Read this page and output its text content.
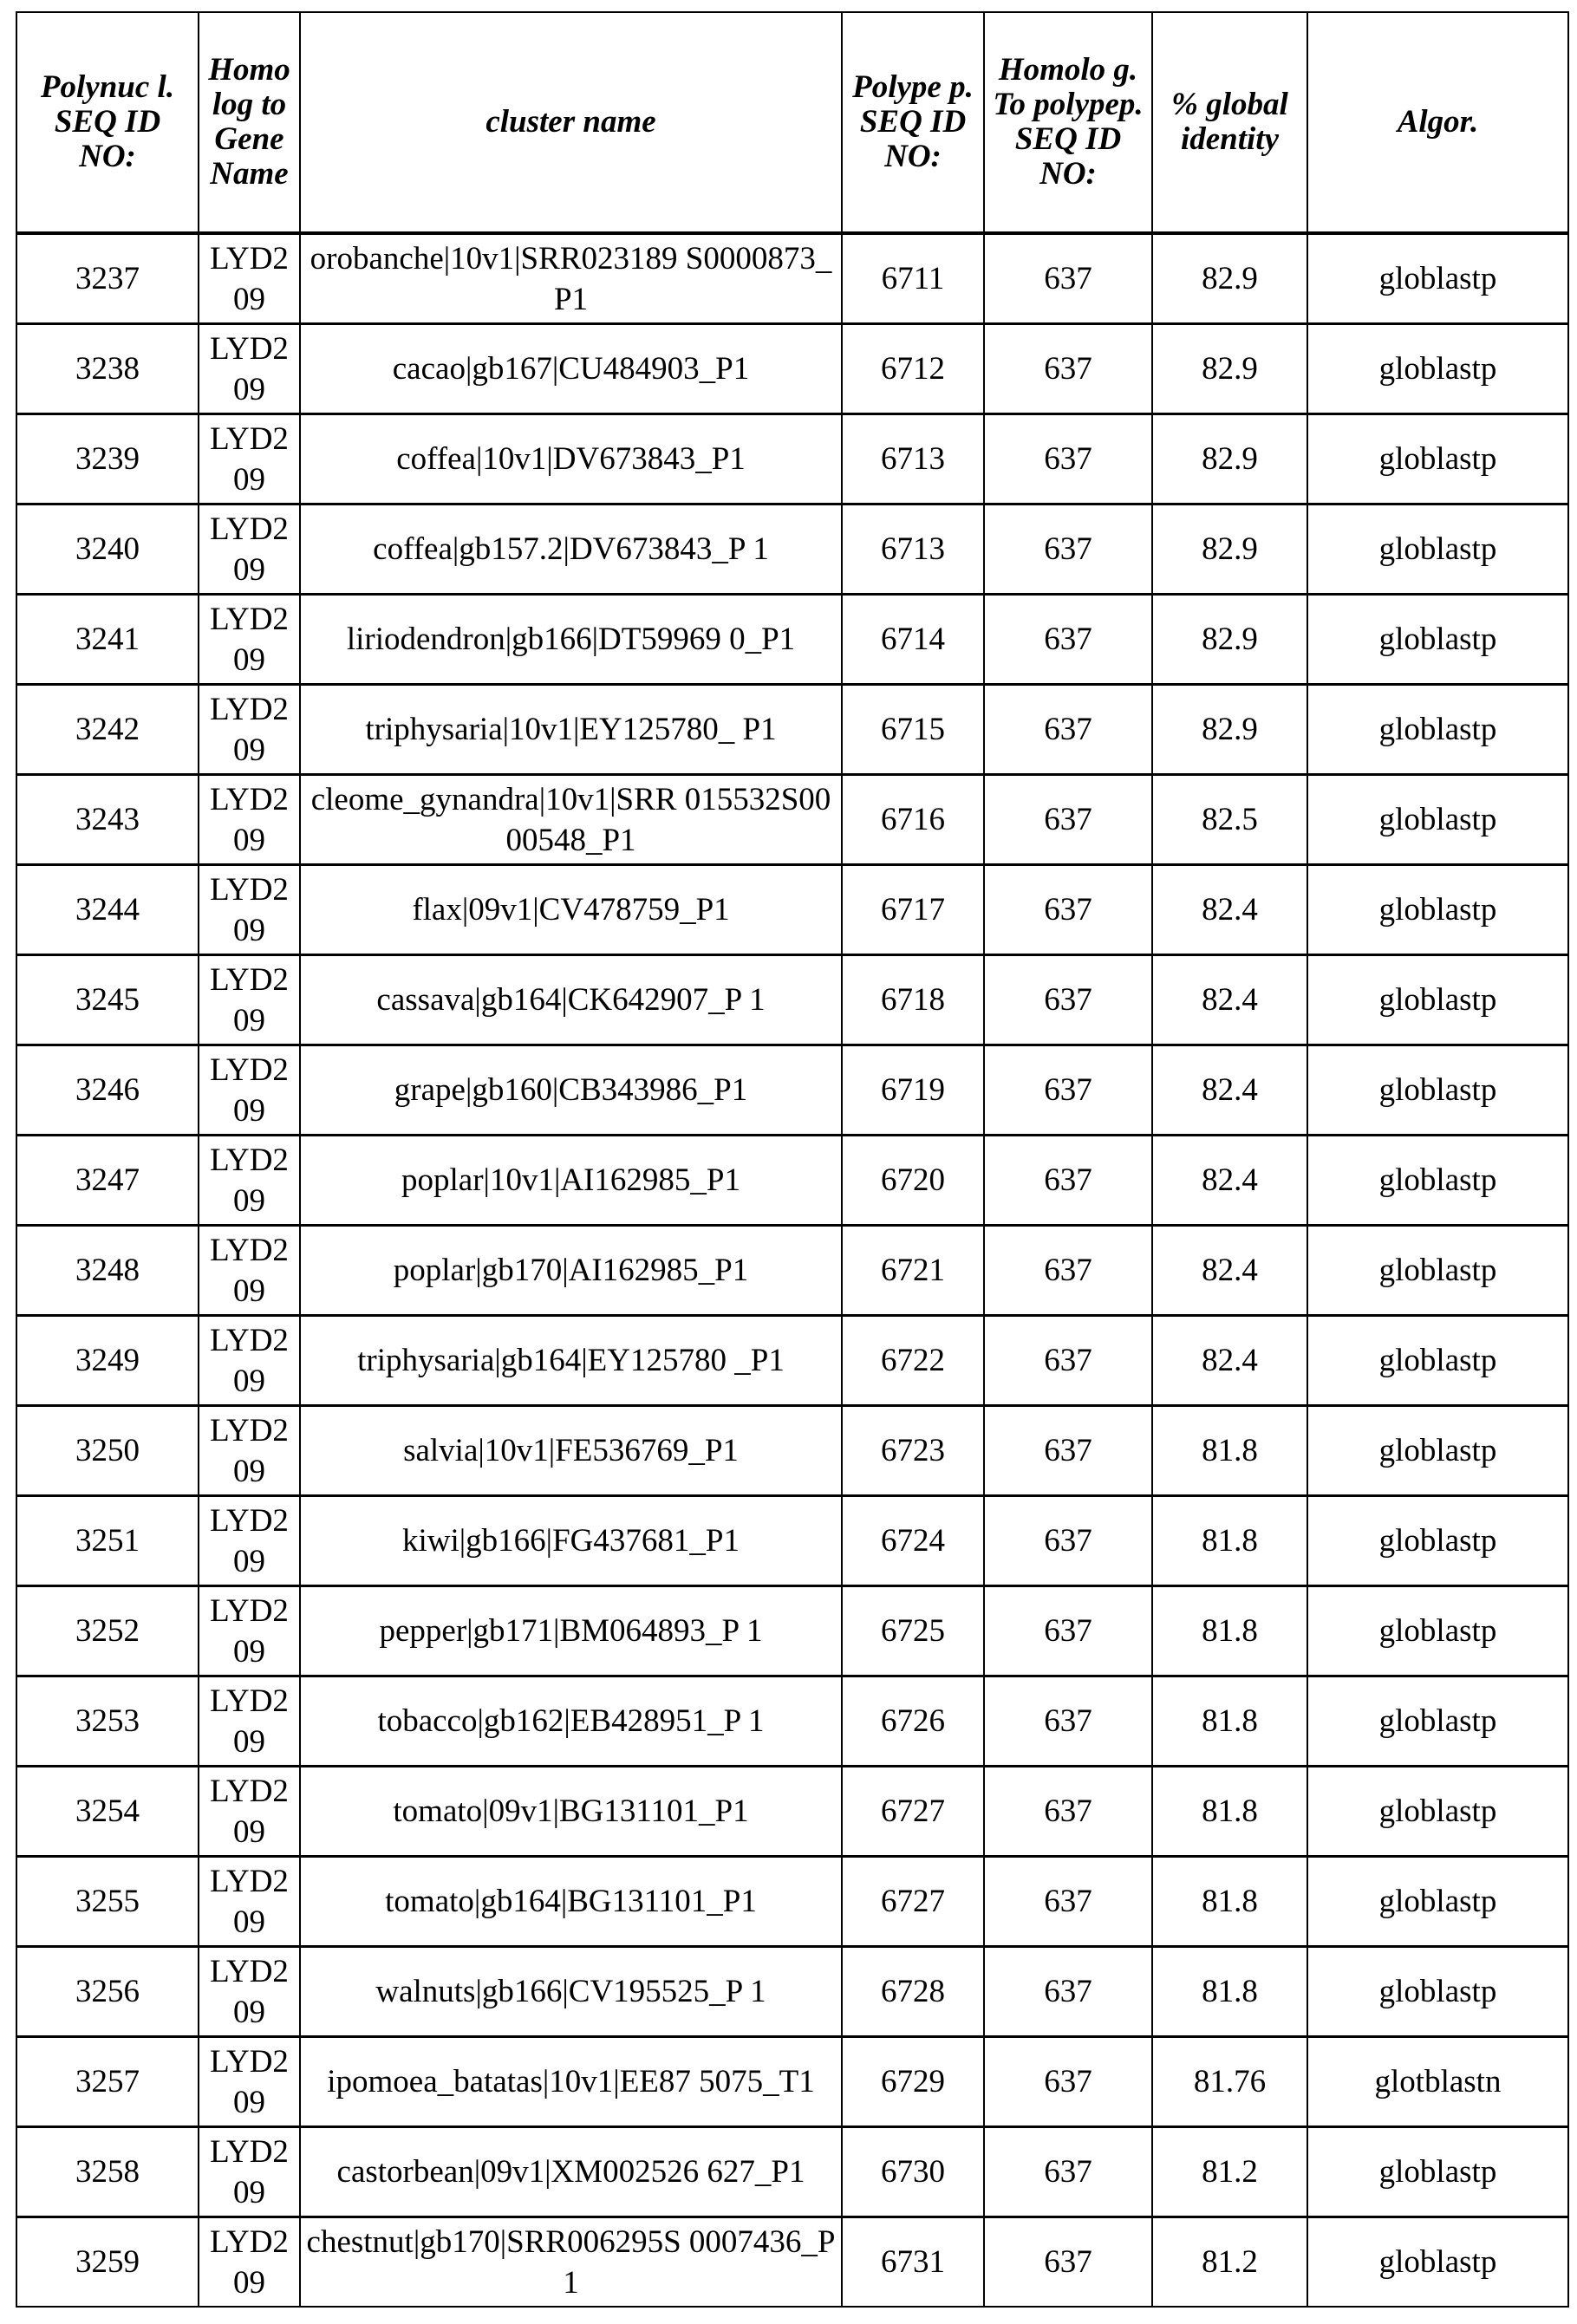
Polynuc l. SEQ ID NO:	Homo log to Gene Name	cluster name	Polype p. SEQ ID NO:	Homolo g. To polypep. SEQ ID NO:	% global identity	Algor.

3237	LYD2 09	orobanche|10v1|SRR023189 S0000873_P1	6711	637	82.9	globlastp

3238	LYD2 09	cacao|gb167|CU484903_P1	6712	637	82.9	globlastp

3239	LYD2 09	coffea|10v1|DV673843_P1	6713	637	82.9	globlastp

3240	LYD2 09	coffea|gb157.2|DV673843_P 1	6713	637	82.9	globlastp

3241	LYD2 09	liriodendron|gb166|DT59969 0_P1	6714	637	82.9	globlastp

3242	LYD2 09	triphysaria|10v1|EY125780_ P1	6715	637	82.9	globlastp

3243	LYD2 09	cleome_gynandra|10v1|SRR 015532S0000548_P1	6716	637	82.5	globlastp

3244	LYD2 09	flax|09v1|CV478759_P1	6717	637	82.4	globlastp

3245	LYD2 09	cassava|gb164|CK642907_P 1	6718	637	82.4	globlastp

3246	LYD2 09	grape|gb160|CB343986_P1	6719	637	82.4	globlastp

3247	LYD2 09	poplar|10v1|AI162985_P1	6720	637	82.4	globlastp

3248	LYD2 09	poplar|gb170|AI162985_P1	6721	637	82.4	globlastp

3249	LYD2 09	triphysaria|gb164|EY125780 _P1	6722	637	82.4	globlastp

3250	LYD2 09	salvia|10v1|FE536769_P1	6723	637	81.8	globlastp

3251	LYD2 09	kiwi|gb166|FG437681_P1	6724	637	81.8	globlastp

3252	LYD2 09	pepper|gb171|BM064893_P 1	6725	637	81.8	globlastp

3253	LYD2 09	tobacco|gb162|EB428951_P 1	6726	637	81.8	globlastp

3254	LYD2 09	tomato|09v1|BG131101_P1	6727	637	81.8	globlastp

3255	LYD2 09	tomato|gb164|BG131101_P1	6727	637	81.8	globlastp

3256	LYD2 09	walnuts|gb166|CV195525_P 1	6728	637	81.8	globlastp

3257	LYD2 09	ipomoea_batatas|10v1|EE87 5075_T1	6729	637	81.76	glotblastn

3258	LYD2 09	castorbean|09v1|XM002526 627_P1	6730	637	81.2	globlastp

3259	LYD2 09	chestnut|gb170|SRR006295S 0007436_P1	6731	637	81.2	globlastp
